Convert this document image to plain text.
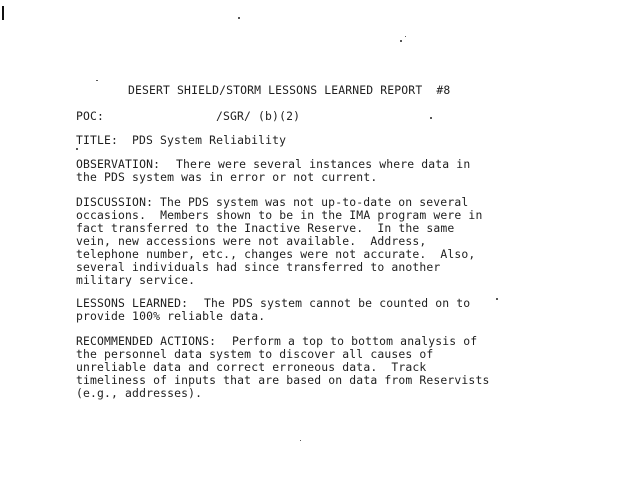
DESERT SHIELD/STORM LESSONS LEARNED REPORT  #8
POC:	/SGR/ (b)(2)
TITLE: PDS System Reliability
OBSERVATION: There were several instances where data in
the PDS system was in error or not current.
DISCUSSION: The PDS system was not up-to-date on several
occasions.  Members shown to be in the IMA program were in
fact transferred to the Inactive Reserve.  In the same
vein, new accessions were not available.  Address,
telephone number, etc., changes were not accurate.  Also,
several individuals had since transferred to another
military service.
LESSONS LEARNED: The PDS system cannot be counted on to
provide 100% reliable data.
RECOMMENDED ACTIONS: Perform a top to bottom analysis of
the personnel data system to discover all causes of
unreliable data and correct erroneous data.  Track
timeliness of inputs that are based on data from Reservists
(e.g., addresses).
